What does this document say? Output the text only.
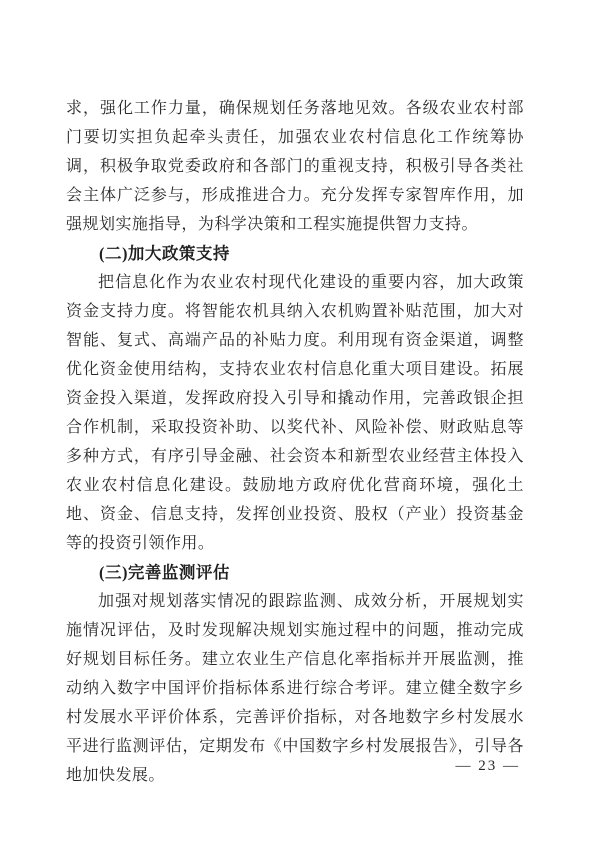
求，强化工作力量，确保规划任务落地见效。各级农业农村部门要切实担负起牵头责任，加强农业农村信息化工作统筹协调，积极争取党委政府和各部门的重视支持，积极引导各类社会主体广泛参与，形成推进合力。充分发挥专家智库作用，加强规划实施指导，为科学决策和工程实施提供智力支持。

(二)加大政策支持

把信息化作为农业农村现代化建设的重要内容，加大政策资金支持力度。将智能农机具纳入农机购置补贴范围，加大对智能、复式、高端产品的补贴力度。利用现有资金渠道，调整优化资金使用结构，支持农业农村信息化重大项目建设。拓展资金投入渠道，发挥政府投入引导和撬动作用，完善政银企担合作机制，采取投资补助、以奖代补、风险补偿、财政贴息等多种方式，有序引导金融、社会资本和新型农业经营主体投入农业农村信息化建设。鼓励地方政府优化营商环境，强化土地、资金、信息支持，发挥创业投资、股权（产业）投资基金等的投资引领作用。

(三)完善监测评估

加强对规划落实情况的跟踪监测、成效分析，开展规划实施情况评估，及时发现解决规划实施过程中的问题，推动完成好规划目标任务。建立农业生产信息化率指标并开展监测，推动纳入数字中国评价指标体系进行综合考评。建立健全数字乡村发展水平评价体系，完善评价指标，对各地数字乡村发展水平进行监测评估，定期发布《中国数字乡村发展报告》，引导各地加快发展。

— 23 —
